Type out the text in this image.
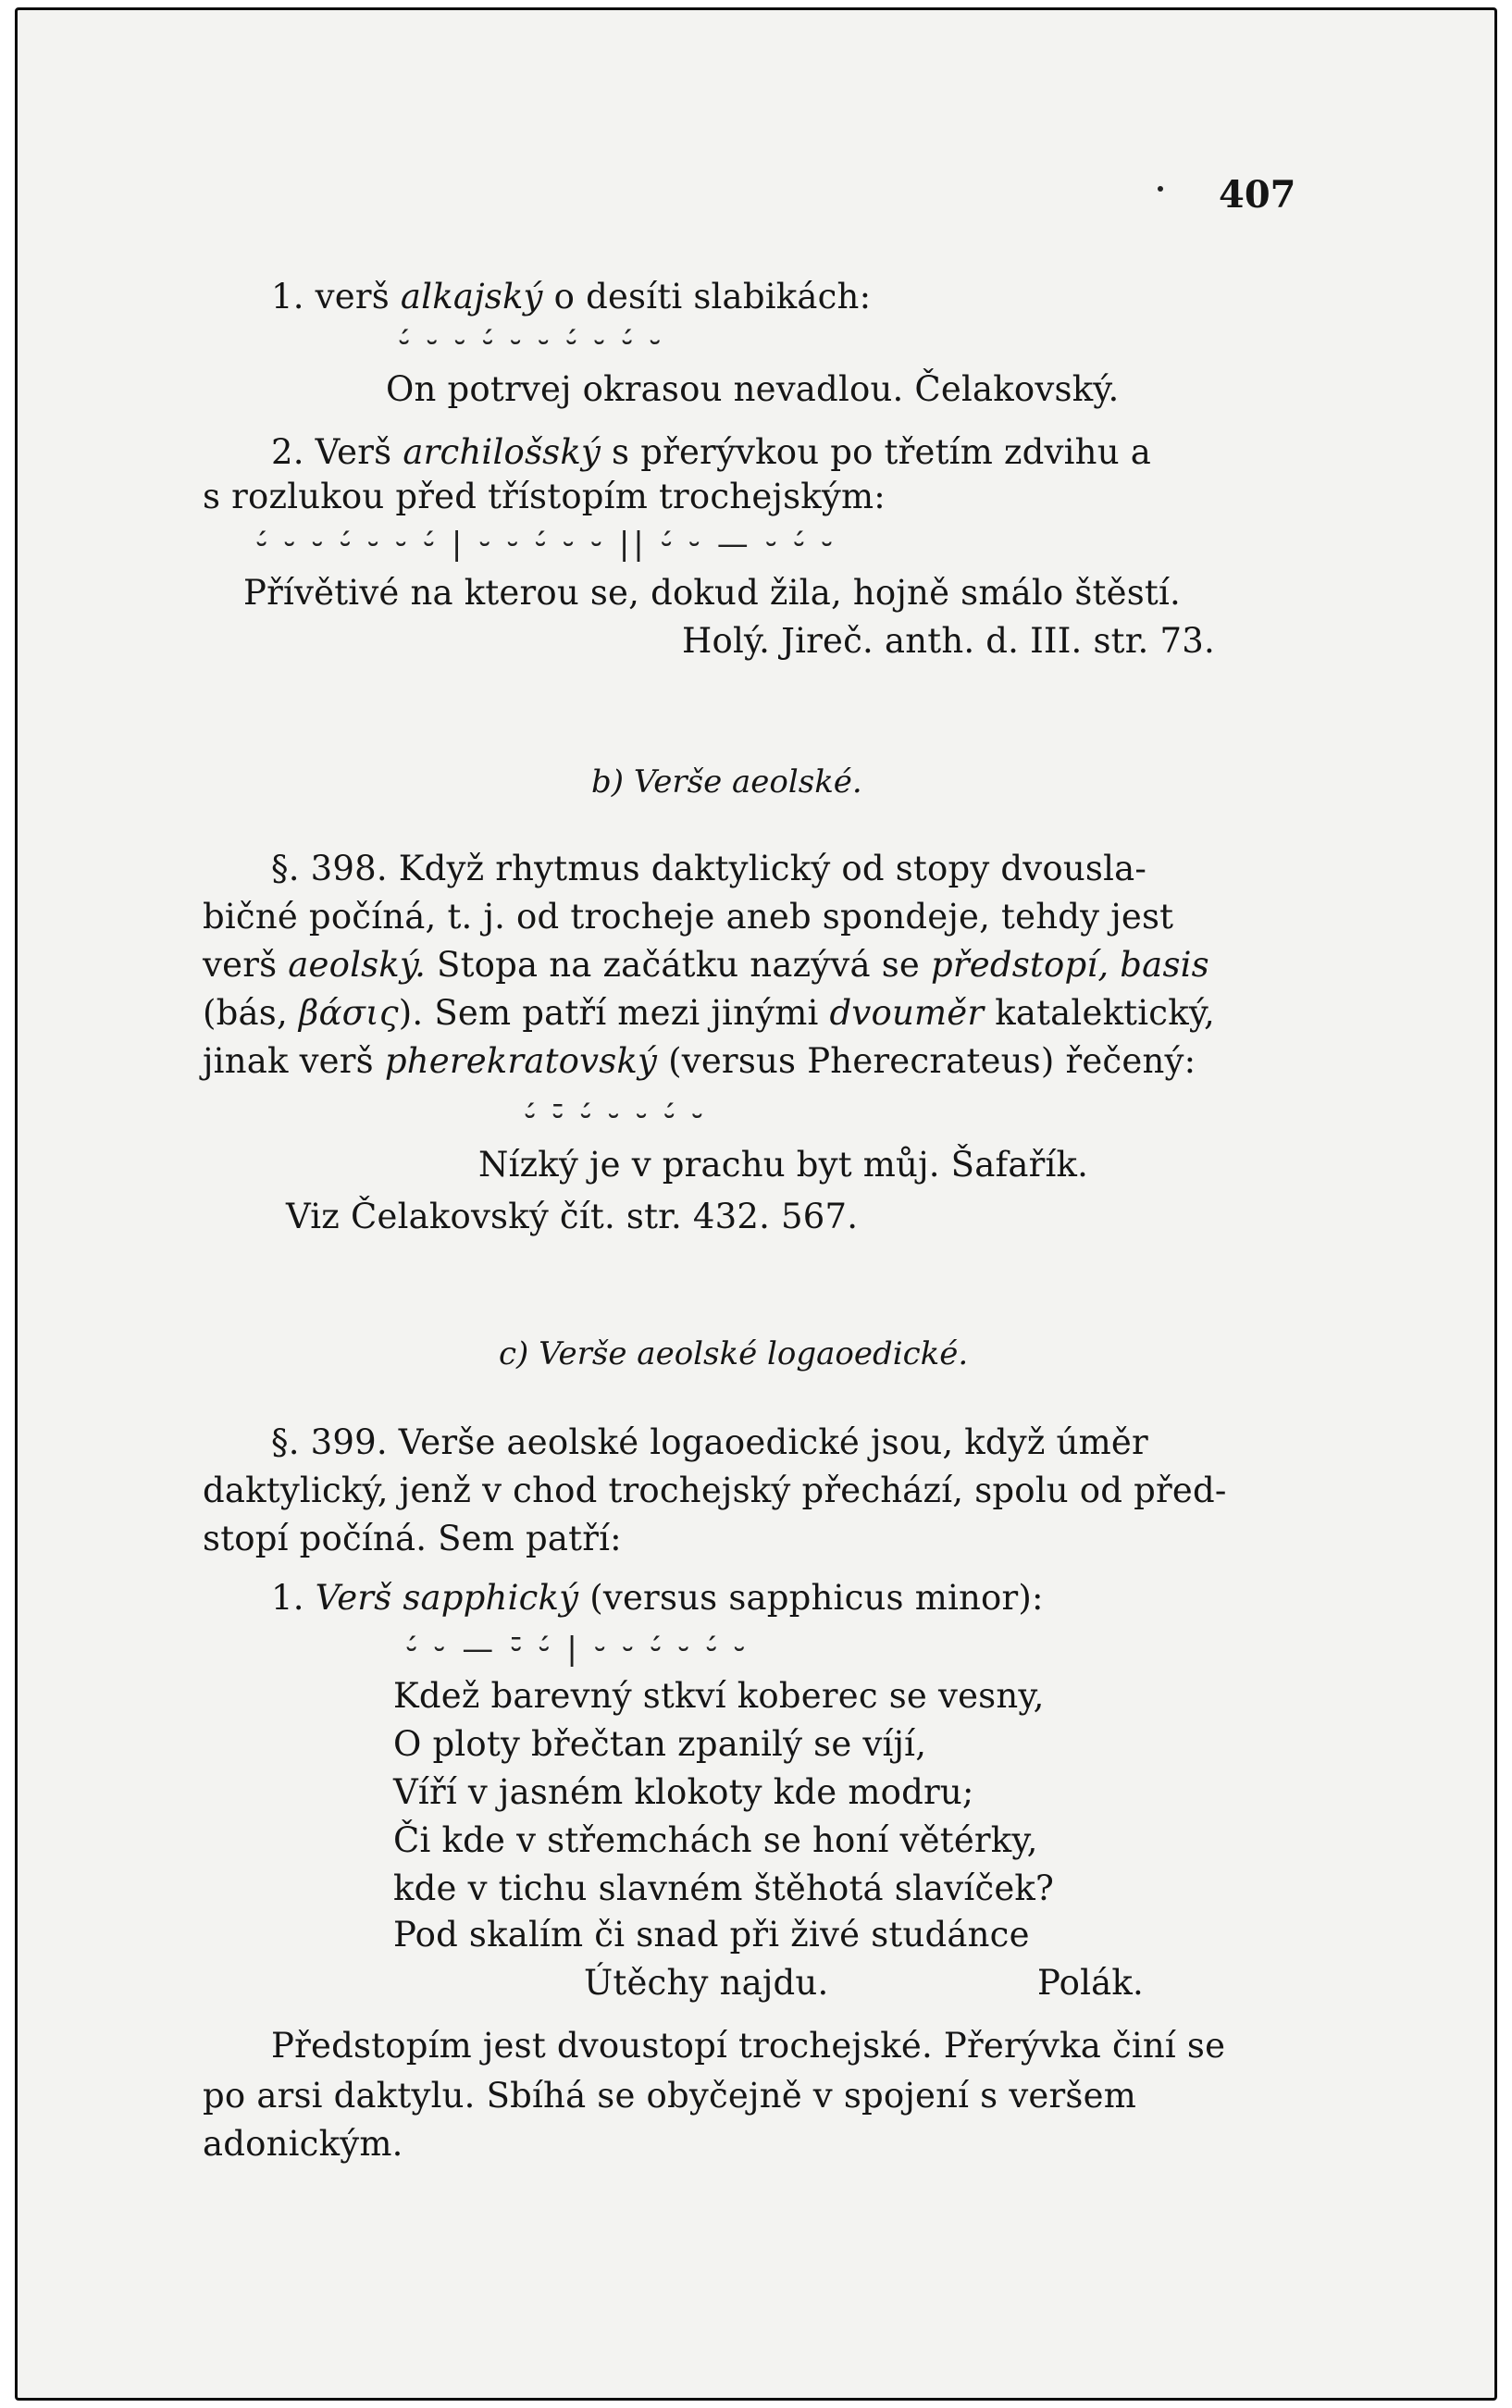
407
1. verš alkajský o desíti slabikách:
⏑́ ⏑ ⏑ ⏑́ ⏑ ⏑ ⏑́ ⏑ ⏑́ ⏑
On potrvej okrasou nevadlou. Čelakovský.
2. Verš archilošský s přerývkou po třetím zdvihu a
s rozlukou před třístopím trochejským:
⏑́ ⏑ ⏑ ⏑́ ⏑ ⏑ ⏑́ | ⏑ ⏑ ⏑́ ⏑ ⏑ || ⏑́ ⏑ — ⏑ ⏑́ ⏑
Přívětivé na kterou se, dokud žila, hojně smálo štěstí.
Holý. Jireč. anth. d. III. str. 73.
b) Verše aeolské.
§. 398. Když rhytmus daktylický od stopy dvousla-
bičné počíná, t. j. od trocheje aneb spondeje, tehdy jest
verš aeolský. Stopa na začátku nazývá se předstopí, basis
(bás, βάσις). Sem patří mezi jinými dvouměr katalektický,
jinak verš pherekratovský (versus Pherecrateus) řečený:
⏑́ ⏑̄ ⏑́ ⏑ ⏑ ⏑́ ⏑
Nízký je v prachu byt můj. Šafařík.
Viz Čelakovský čít. str. 432. 567.
c) Verše aeolské logaoedické.
§. 399. Verše aeolské logaoedické jsou, když úměr
daktylický, jenž v chod trochejský přechází, spolu od před-
stopí počíná. Sem patří:
1. Verš sapphický (versus sapphicus minor):
⏑́ ⏑ — ⏑̄ ⏑́ | ⏑ ⏑ ⏑́ ⏑ ⏑́ ⏑
Kdež barevný stkví koberec se vesny,
O ploty břečtan zpanilý se víjí,
Víří v jasném klokoty kde modru;
Či kde v střemchách se honí větérky,
kde v tichu slavném štěhotá slavíček?
Pod skalím či snad při živé studánce
Útěchy najdu.	Polák.
Předstopím jest dvoustopí trochejské. Přerývka činí se
po arsi daktylu. Sbíhá se obyčejně v spojení s veršem
adonickým.
